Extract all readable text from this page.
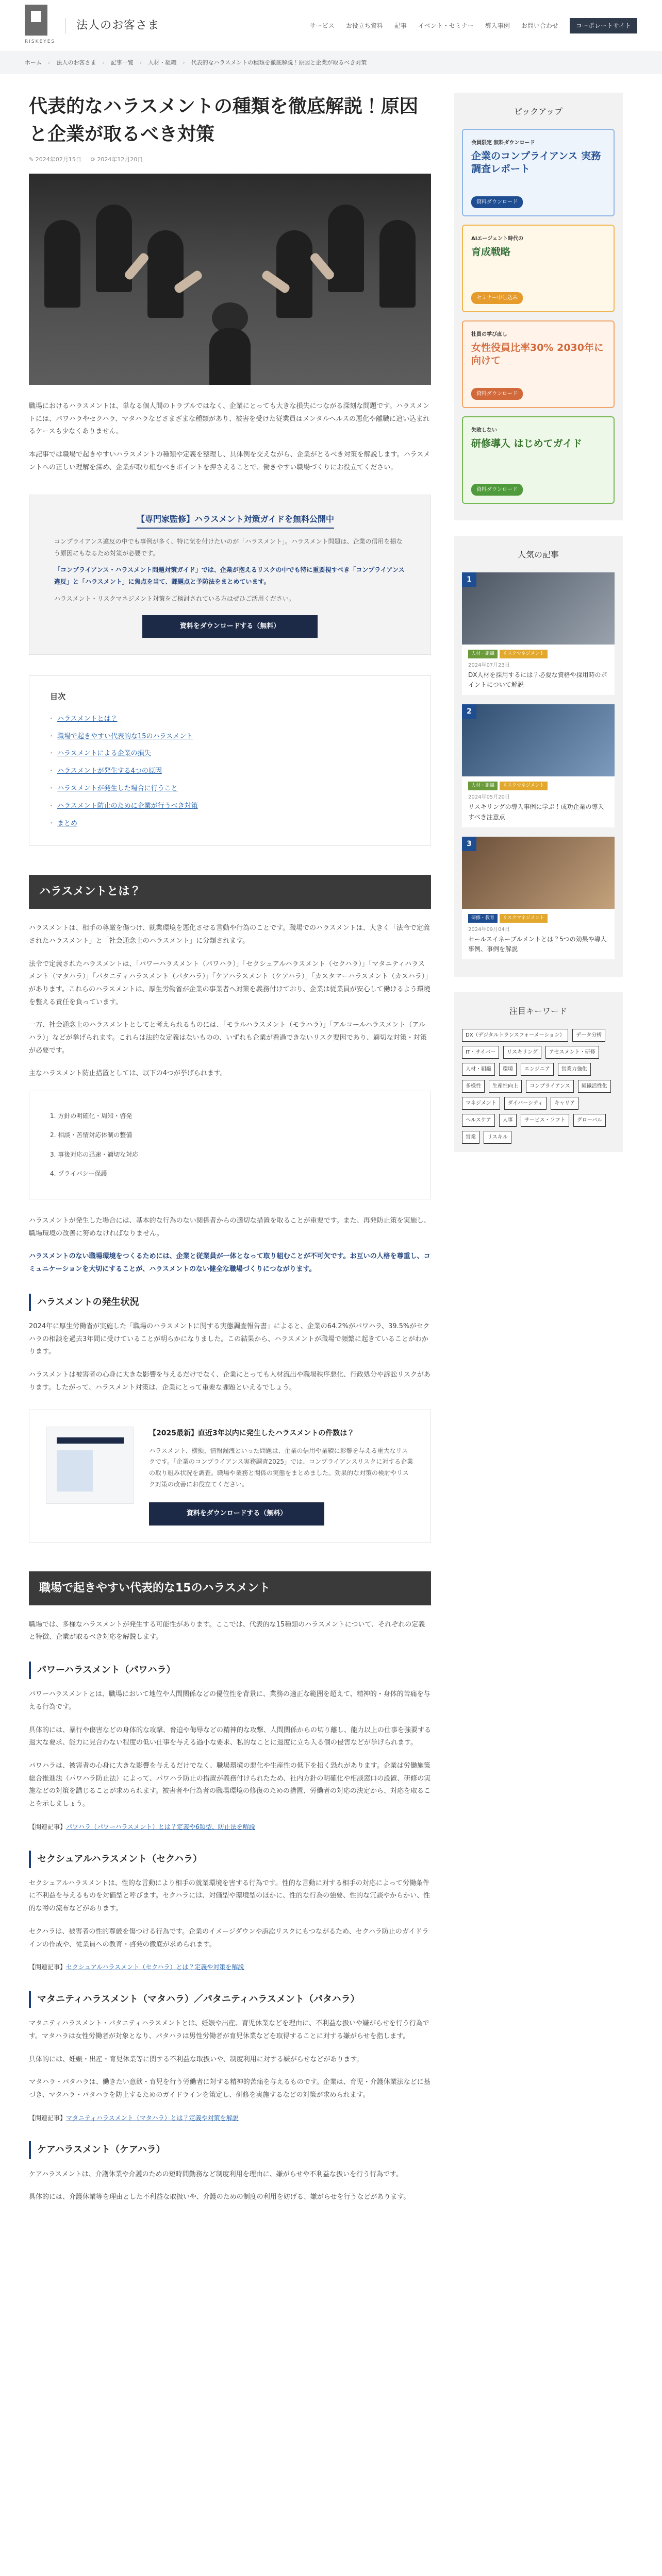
RISKEYES
法人のお客さま	サービス お役立ち資料 記事 イベント・セミナー 導入事例 お問い合わせ	コーポレートサイト
ホーム › 法人のお客さま › 記事一覧 › 人材・組織 › 代表的なハラスメントの種類を徹底解説！原因と企業が取るべき対策
代表的なハラスメントの種類を徹底解説！原因と企業が取るべき対策
✎ 2024年02月15日 ⟳ 2024年12月20日

職場におけるハラスメントは、単なる個人間のトラブルではなく、企業にとっても大きな損失につながる深刻な問題です。ハラスメントには、パワハラやセクハラ、マタハラなどさまざまな種類があり、被害を受けた従業員はメンタルヘルスの悪化や離職に追い込まれるケースも少なくありません。

本記事では職場で起きやすいハラスメントの種類や定義を整理し、具体例を交えながら、企業がとるべき対策を解説します。ハラスメントへの正しい理解を深め、企業が取り組むべきポイントを押さえることで、働きやすい職場づくりにお役立てください。

【専門家監修】ハラスメント対策ガイドを無料公開中

コンプライアンス違反の中でも事例が多く、特に気を付けたいのが「ハラスメント」。ハラスメント問題は、企業の信用を損なう原因にもなるため対策が必要です。

「コンプライアンス・ハラスメント問題対策ガイド」では、企業が抱えるリスクの中でも特に重要視すべき「コンプライアンス違反」と「ハラスメント」に焦点を当て、課題点と予防法をまとめています。

ハラスメント・リスクマネジメント対策をご検討されている方はぜひご活用ください。

資料をダウンロードする（無料）
目次
・ ハラスメントとは？
・ 職場で起きやすい代表的な15のハラスメント
・ ハラスメントによる企業の損失
・ ハラスメントが発生する4つの原因
・ ハラスメントが発生した場合に行うこと
・ ハラスメント防止のために企業が行うべき対策
・ まとめ
ハラスメントとは？

ハラスメントは、相手の尊厳を傷つけ、就業環境を悪化させる言動や行為のことです。職場でのハラスメントは、大きく「法令で定義されたハラスメント」と「社会通念上のハラスメント」に分類されます。

法令で定義されたハラスメントは、「パワーハラスメント（パワハラ）」「セクシュアルハラスメント（セクハラ）」「マタニティハラスメント（マタハラ）」「パタニティハラスメント（パタハラ）」「ケアハラスメント（ケアハラ）」「カスタマーハラスメント（カスハラ）」があります。これらのハラスメントは、厚生労働省が企業の事業者へ対策を義務付けており、企業は従業員が安心して働けるよう環境を整える責任を負っています。

一方、社会通念上のハラスメントとしてと考えられるものには、「モラルハラスメント（モラハラ）」「アルコールハラスメント（アルハラ）」などが挙げられます。これらは法的な定義はないものの、いずれも企業が看過できないリスク要因であり、適切な対策・対策が必要です。

主なハラスメント防止措置としては、以下の4つが挙げられます。

1. 方針の明確化・周知・啓発
2. 相談・苦情対応体制の整備
3. 事後対応の迅速・適切な対応
4. プライバシー保護

ハラスメントが発生した場合には、基本的な行為のない関係者からの適切な措置を取ることが重要です。また、再発防止策を実施し、職場環境の改善に努めなければなりません。

ハラスメントのない職場環境をつくるためには、企業と従業員が一体となって取り組むことが不可欠です。お互いの人格を尊重し、コミュニケーションを大切にすることが、ハラスメントのない健全な職場づくりにつながります。

ハラスメントの発生状況

2024年に厚生労働省が実施した「職場のハラスメントに関する実態調査報告書」によると、企業の64.2%がパワハラ、39.5%がセクハラの相談を過去3年間に受けていることが明らかになりました。この結果から、ハラスメントが職場で頻繁に起きていることがわかります。

ハラスメントは被害者の心身に大きな影響を与えるだけでなく、企業にとっても人材流出や職場秩序悪化、行政処分や訴訟リスクがあります。したがって、ハラスメント対策は、企業にとって重要な課題といえるでしょう。

【2025最新】直近3年以内に発生したハラスメントの件数は？
ハラスメント、横領、情報漏洩といった問題は、企業の信用や業績に影響を与える重大なリスクです。「企業のコンプライアンス実務調査2025」では、コンプライアンスリスクに対する企業の取り組み状況を調査。職場や業務と関係の実態をまとめました。効果的な対策の検討やリスク対策の改善にお役立てください。
資料をダウンロードする（無料）
職場で起きやすい代表的な15のハラスメント

職場では、多様なハラスメントが発生する可能性があります。ここでは、代表的な15種類のハラスメントについて、それぞれの定義と特徴、企業が取るべき対応を解説します。

パワーハラスメント（パワハラ）

パワーハラスメントとは、職場において地位や人間関係などの優位性を背景に、業務の適正な範囲を超えて、精神的・身体的苦痛を与える行為です。

具体的には、暴行や傷害などの身体的な攻撃、脅迫や侮辱などの精神的な攻撃、人間関係からの切り離し、能力以上の仕事を強要する過大な要求、能力に見合わない程度の低い仕事を与える過小な要求、私的なことに過度に立ち入る個の侵害などが挙げられます。

パワハラは、被害者の心身に大きな影響を与えるだけでなく、職場環境の悪化や生産性の低下を招く恐れがあります。企業は労働施策総合推進法（パワハラ防止法）によって、パワハラ防止の措置が義務付けられたため、社内方針の明確化や相談窓口の設置、研修の実施などの対策を講じることが求められます。被害者や行為者の職場環境の修復のための措置、労働者の対応の決定から、対応を取ることを示しましょう。

【関連記事】パワハラ（パワーハラスメント）とは？定義や6類型、防止法を解説
セクシュアルハラスメント（セクハラ）

セクシュアルハラスメントは、性的な言動により相手の就業環境を害する行為です。性的な言動に対する相手の対応によって労働条件に不利益を与えるものを対価型と呼びます。セクハラには、対価型や環境型のほかに、性的な行為の強要、性的な冗談やからかい、性的な噂の流布などがあります。

セクハラは、被害者の性的尊厳を傷つける行為です。企業のイメージダウンや訴訟リスクにもつながるため、セクハラ防止のガイドラインの作成や、従業員への教育・啓発の徹底が求められます。

【関連記事】セクシュアルハラスメント（セクハラ）とは？定義や対策を解説
マタニティハラスメント（マタハラ）／パタニティハラスメント（パタハラ）

マタニティハラスメント・パタニティハラスメントとは、妊娠や出産、育児休業などを理由に、不利益な扱いや嫌がらせを行う行為です。マタハラは女性労働者が対象となり、パタハラは男性労働者が育児休業などを取得することに対する嫌がらせを指します。

具体的には、妊娠・出産・育児休業等に関する不利益な取扱いや、制度利用に対する嫌がらせなどがあります。

マタハラ・パタハラは、働きたい意欲・育児を行う労働者に対する精神的苦痛を与えるものです。企業は、育児・介護休業法などに基づき、マタハラ・パタハラを防止するためのガイドラインを策定し、研修を実施するなどの対策が求められます。

【関連記事】マタニティハラスメント（マタハラ）とは？定義や対策を解説
ケアハラスメント（ケアハラ）

ケアハラスメントは、介護休業や介護のための短時間勤務など制度利用を理由に、嫌がらせや不利益な扱いを行う行為です。

具体的には、介護休業等を理由とした不利益な取扱いや、介護のための制度の利用を妨げる、嫌がらせを行うなどがあります。

ピックアップ
会員限定 無料ダウンロード
企業のコンプライアンス 実務調査レポート
資料ダウンロード
AIエージェント時代の
育成戦略
セミナー申し込み
社員の学び直し
女性役員比率30% 2030年に向けて
資料ダウンロード
失敗しない
研修導入 はじめてガイド
資料ダウンロード
人気の記事
1
人材・組織	リスクマネジメント
2024年07月23日
DX人材を採用するには？必要な資格や採用時のポイントについて解説
2
人材・組織	リスクマネジメント
2024年05月20日
リスキリングの導入事例に学ぶ！成功企業の導入すべき注意点
3
研修・教育	リスクマネジメント
2024年09月04日
セールスイネーブルメントとは？5つの効果や導入事例、事例を解説
注目キーワード
DX（デジタルトランスフォーメーション）	データ分析
IT・サイバー	リスキリング	アセスメント・研修
人材・組織	環境	エンジニア	営業力強化
多様性	生産性向上	コンプライアンス	組織活性化
マネジメント	ダイバーシティ	キャリア
ヘルスケア	人事	サービス・ソフト	グローバル
営業	リスキル
